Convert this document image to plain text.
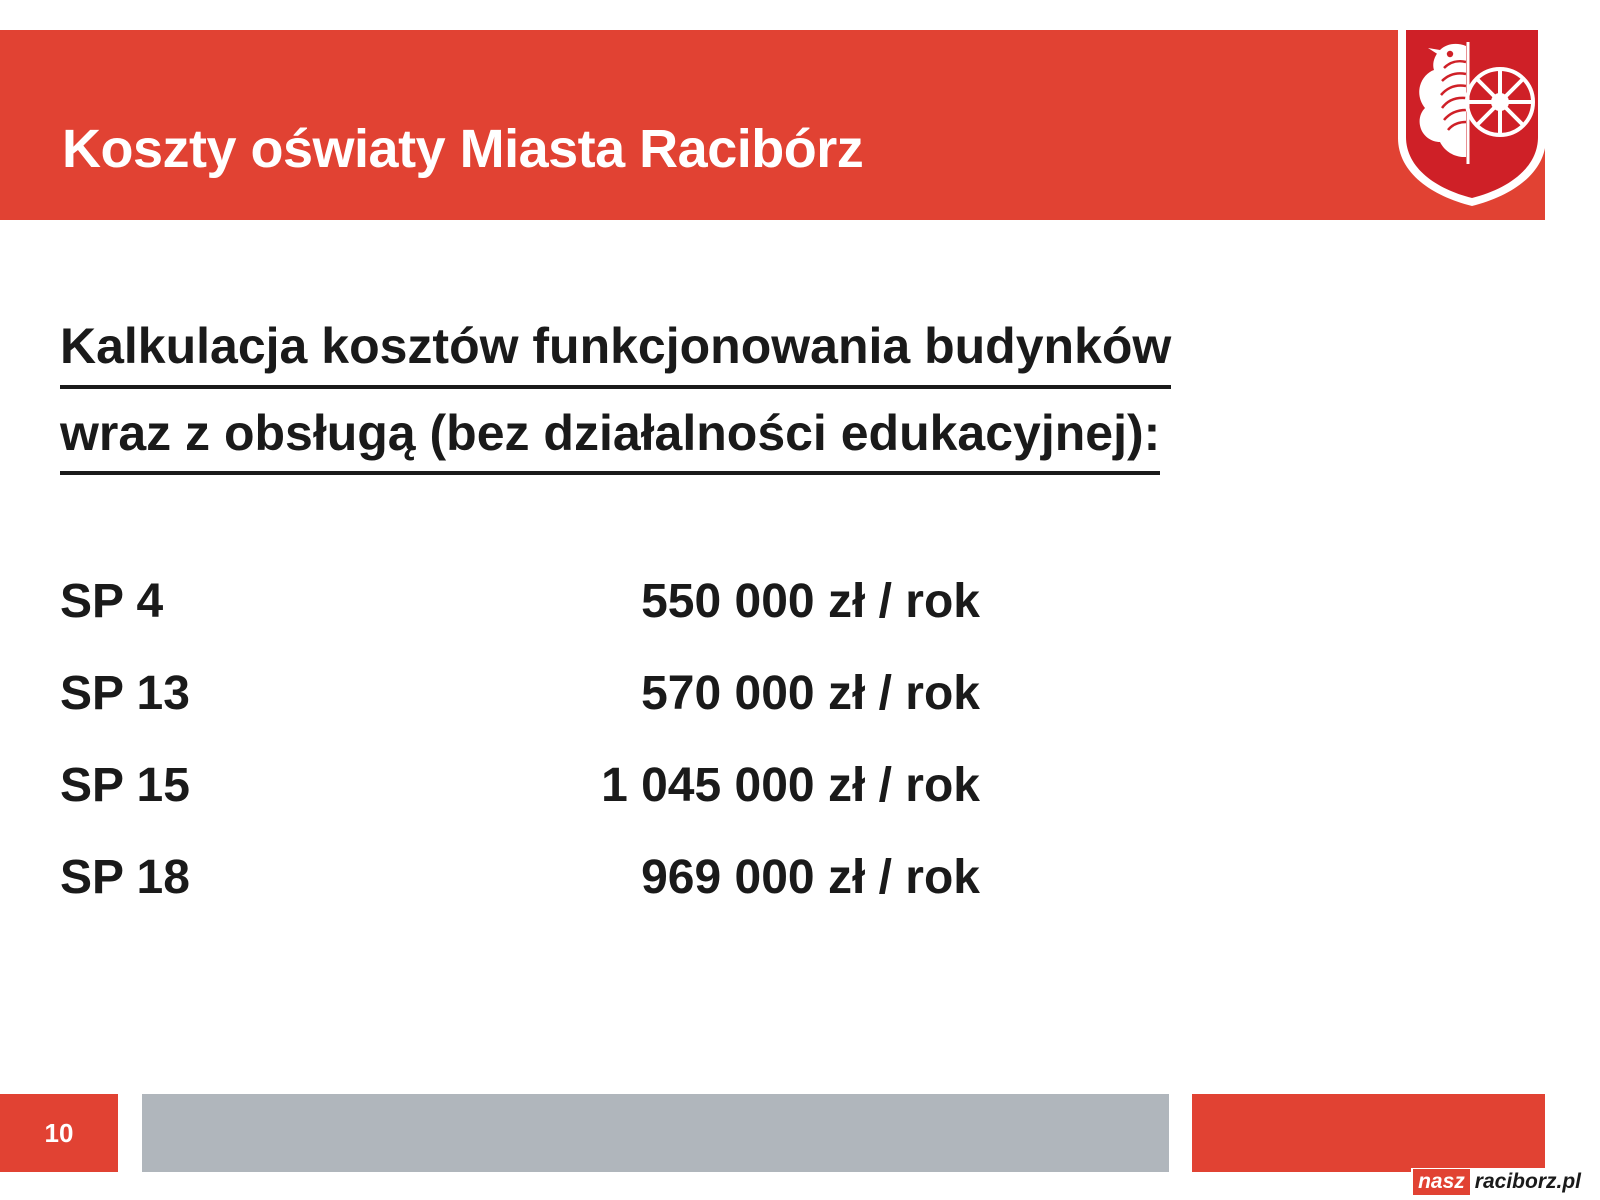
Koszty oświaty Miasta Racibórz
Kalkulacja kosztów funkcjonowania budynków
wraz z obsługą (bez działalności edukacyjnej):
SP 4	550 000 zł / rok
SP 13	570 000 zł / rok
SP 15	1 045 000 zł / rok
SP 18	969 000 zł / rok
10
nasz raciborz.pl
